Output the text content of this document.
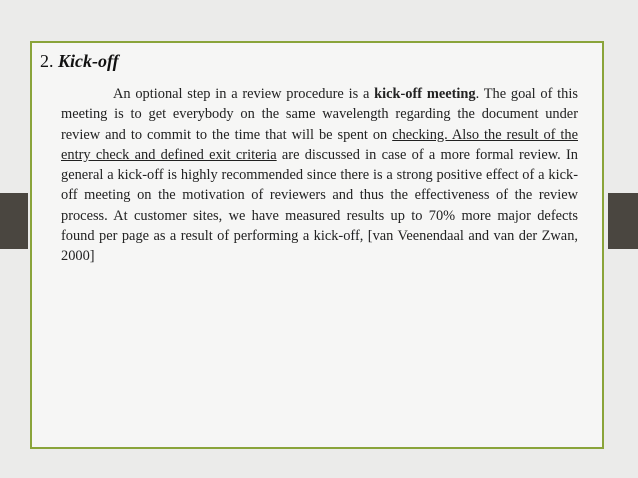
2. Kick-off

An optional step in a review procedure is a kick-off meeting. The goal of this meeting is to get everybody on the same wavelength regarding the document under review and to commit to the time that will be spent on checking. Also the result of the entry check and defined exit criteria are discussed in case of a more formal review. In general a kick-off is highly recommended since there is a strong positive effect of a kick-off meeting on the motivation of reviewers and thus the effectiveness of the review process. At customer sites, we have measured results up to 70% more major defects found per page as a result of performing a kick-off, [van Veenendaal and van der Zwan, 2000]
